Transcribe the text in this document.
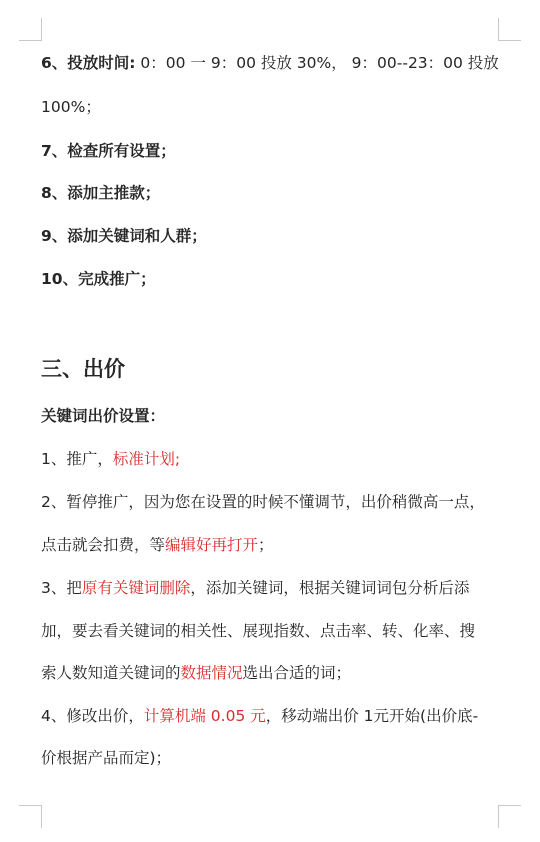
6、投放时间: 0：00 一 9：00 投放 30%， 9：00--23：00 投放
100%；
7、检查所有设置；
8、添加主推款；
9、添加关键词和人群；
10、完成推广；
三、出价
关键词出价设置：
1、推广，标准计划;
2、暂停推广，因为您在设置的时候不懂调节，出价稍微高一点，
点击就会扣费，等编辑好再打开；
3、把原有关键词删除，添加关键词，根据关键词词包分析后添
加，要去看关键词的相关性、展现指数、点击率、转、化率、搜
索人数知道关键词的数据情况选出合适的词；
4、修改出价，计算机端 0.05 元，移动端出价 1元开始(出价底-
价根据产品而定)；
